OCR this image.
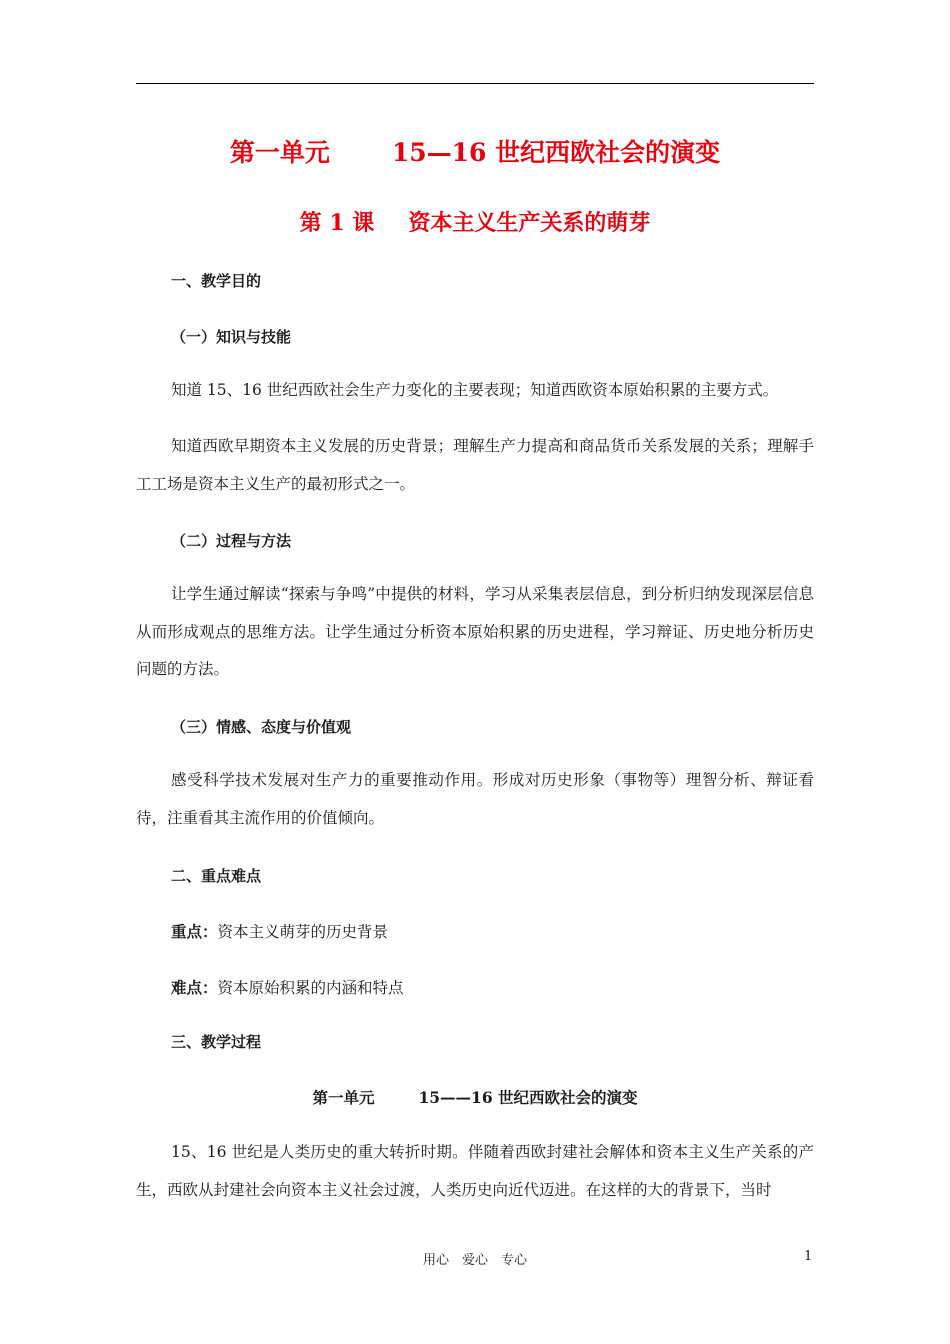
第一单元 15—16 世纪西欧社会的演变
第 1 课 资本主义生产关系的萌芽
一、教学目的
（一）知识与技能
知道 15、16 世纪西欧社会生产力变化的主要表现；知道西欧资本原始积累的主要方式。
知道西欧早期资本主义发展的历史背景；理解生产力提高和商品货币关系发展的关系；理解手工工场是资本主义生产的最初形式之一。
（二）过程与方法
让学生通过解读“探索与争鸣”中提供的材料，学习从采集表层信息，到分析归纳发现深层信息从而形成观点的思维方法。让学生通过分析资本原始积累的历史进程，学习辩证、历史地分析历史问题的方法。
（三）情感、态度与价值观
感受科学技术发展对生产力的重要推动作用。形成对历史形象（事物等）理智分析、辩证看待，注重看其主流作用的价值倾向。
二、重点难点
重点：资本主义萌芽的历史背景
难点：资本原始积累的内涵和特点
三、教学过程
第一单元	15——16 世纪西欧社会的演变
15、16 世纪是人类历史的重大转折时期。伴随着西欧封建社会解体和资本主义生产关系的产生，西欧从封建社会向资本主义社会过渡，人类历史向近代迈进。在这样的大的背景下，当时
用心　爱心　专心	1
